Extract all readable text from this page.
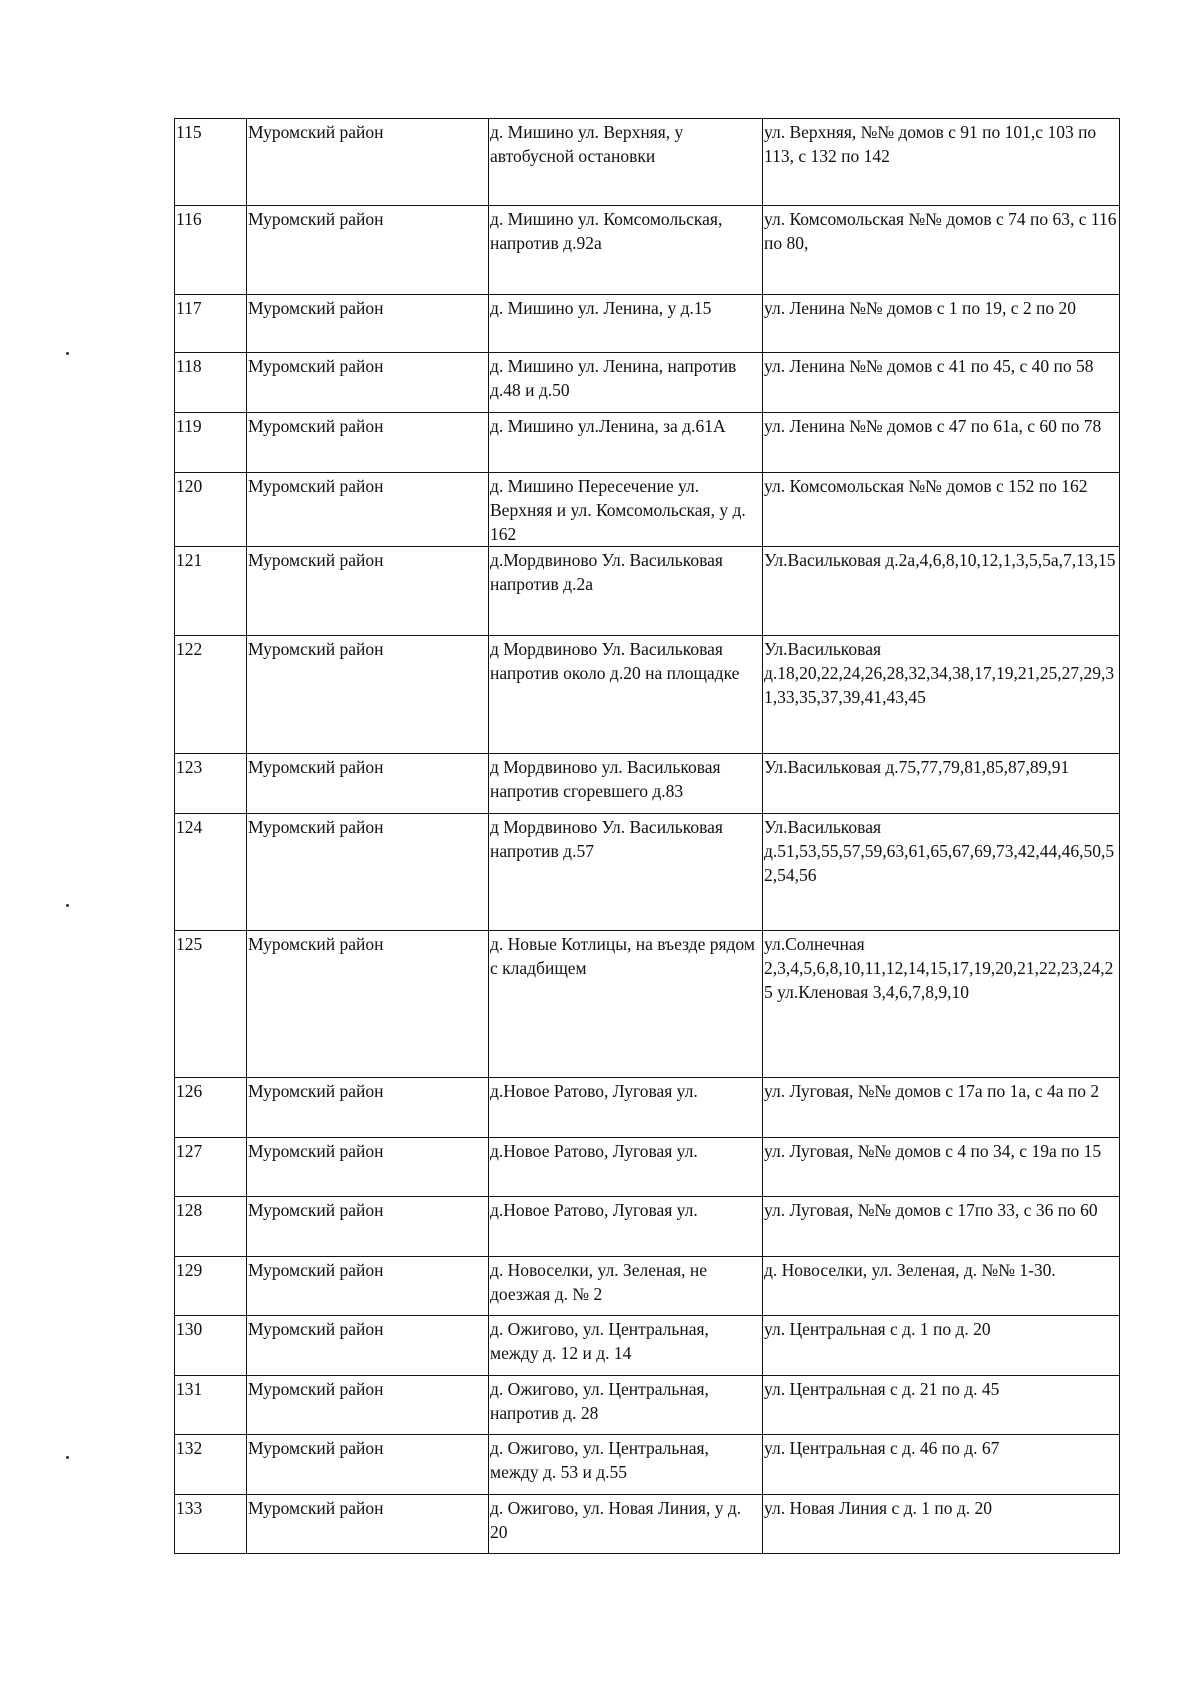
115	Муромский район	д. Мишино ул. Верхняя, у автобусной остановки	ул. Верхняя, №№ домов с 91 по 101,с 103 по 113, с 132 по 142
116	Муромский район	д. Мишино ул. Комсомольская, напротив д.92а	ул. Комсомольская №№ домов с 74 по 63, с 116 по 80,
117	Муромский район	д. Мишино ул. Ленина, у д.15	ул. Ленина №№ домов с 1 по 19, с 2 по 20
118	Муромский район	д. Мишино ул. Ленина, напротив д.48 и д.50	ул. Ленина №№ домов с 41 по 45, с 40 по 58
119	Муромский район	д. Мишино ул.Ленина, за д.61А	ул. Ленина №№ домов с 47 по 61а, с 60 по 78
120	Муромский район	д. Мишино Пересечение ул. Верхняя и ул. Комсомольская, у д. 162	ул. Комсомольская №№ домов с 152 по 162
121	Муромский район	д.Мордвиново Ул. Васильковая напротив д.2а	Ул.Васильковая д.2а,4,6,8,10,12,1,3,5,5а,7,13,15
122	Муромский район	д Мордвиново Ул. Васильковая напротив около д.20 на площадке	Ул.Васильковая д.18,20,22,24,26,28,32,34,38,17,19,21,25,27,29,31,33,35,37,39,41,43,45
123	Муромский район	д Мордвиново ул. Васильковая напротив сгоревшего д.83	Ул.Васильковая д.75,77,79,81,85,87,89,91
124	Муромский район	д Мордвиново Ул. Васильковая напротив д.57	Ул.Васильковая д.51,53,55,57,59,63,61,65,67,69,73,42,44,46,50,52,54,56
125	Муромский район	д. Новые Котлицы, на въезде рядом с кладбищем	ул.Солнечная 2,3,4,5,6,8,10,11,12,14,15,17,19,20,21,22,23,24,25 ул.Кленовая 3,4,6,7,8,9,10
126	Муромский район	д.Новое Ратово, Луговая ул.	ул. Луговая, №№ домов с 17а по 1а, с 4а по 2
127	Муромский район	д.Новое Ратово, Луговая ул.	ул. Луговая, №№ домов с 4 по 34, с 19а по 15
128	Муромский район	д.Новое Ратово, Луговая ул.	ул. Луговая, №№ домов с 17по 33, с 36 по 60
129	Муромский район	д. Новоселки, ул. Зеленая, не доезжая д. № 2	д. Новоселки, ул. Зеленая, д. №№ 1-30.
130	Муромский район	д. Ожигово, ул. Центральная, между д. 12 и д. 14	ул. Центральная с д. 1 по д. 20
131	Муромский район	д. Ожигово, ул. Центральная, напротив д. 28	ул. Центральная с д. 21 по д. 45
132	Муромский район	д. Ожигово, ул. Центральная, между д. 53 и д.55	ул. Центральная с д. 46 по д. 67
133	Муромский район	д. Ожигово, ул. Новая Линия, у д. 20	ул. Новая Линия с д. 1 по д. 20
